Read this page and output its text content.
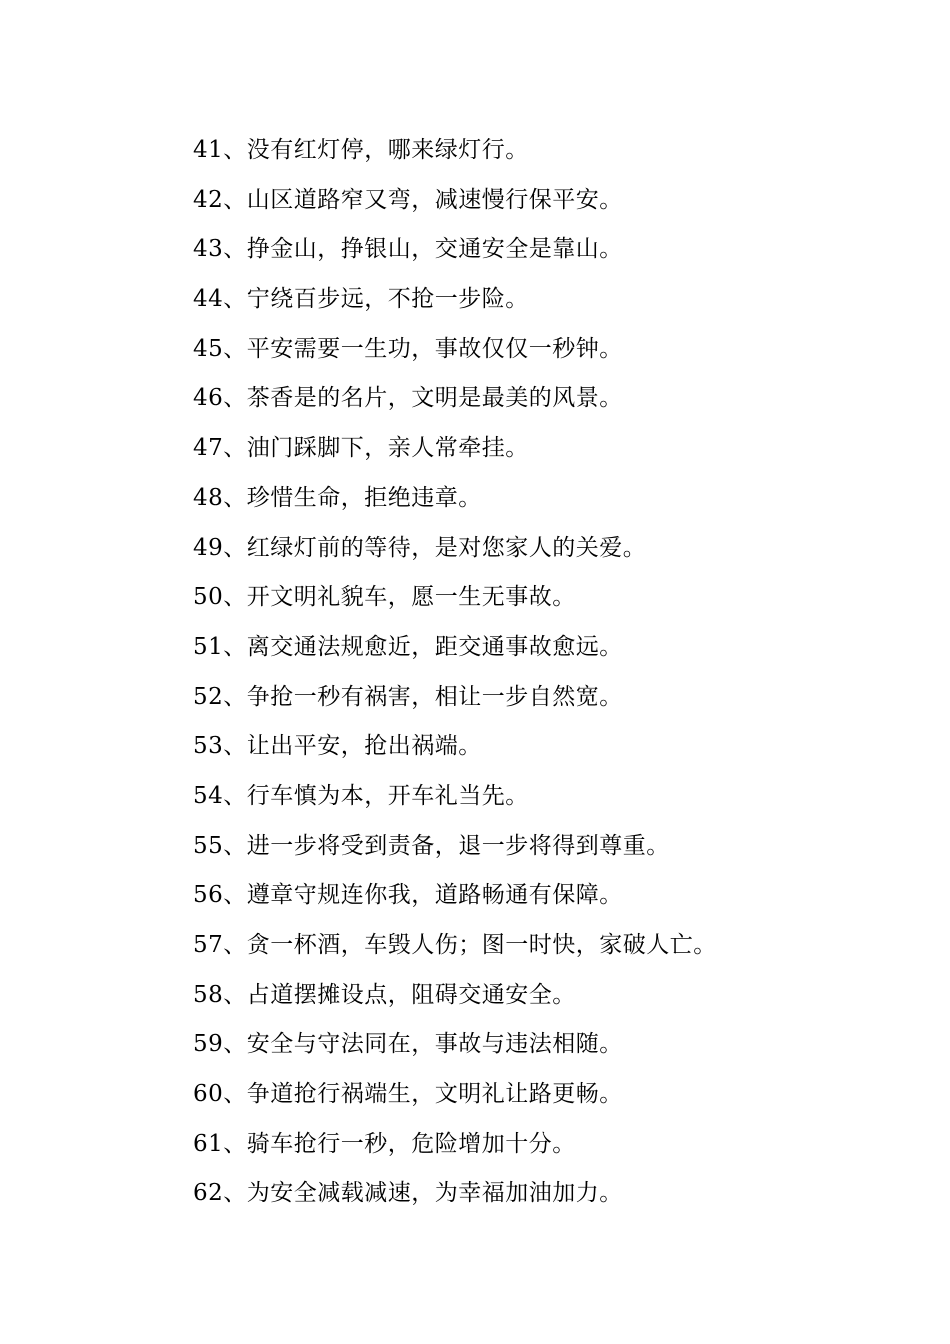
41、没有红灯停，哪来绿灯行。
42、山区道路窄又弯，减速慢行保平安。
43、挣金山，挣银山，交通安全是靠山。
44、宁绕百步远，不抢一步险。
45、平安需要一生功，事故仅仅一秒钟。
46、茶香是的名片，文明是最美的风景。
47、油门踩脚下，亲人常牵挂。
48、珍惜生命，拒绝违章。
49、红绿灯前的等待，是对您家人的关爱。
50、开文明礼貌车，愿一生无事故。
51、离交通法规愈近，距交通事故愈远。
52、争抢一秒有祸害，相让一步自然宽。
53、让出平安，抢出祸端。
54、行车慎为本，开车礼当先。
55、进一步将受到责备，退一步将得到尊重。
56、遵章守规连你我，道路畅通有保障。
57、贪一杯酒，车毁人伤；图一时快，家破人亡。
58、占道摆摊设点，阻碍交通安全。
59、安全与守法同在，事故与违法相随。
60、争道抢行祸端生，文明礼让路更畅。
61、骑车抢行一秒，危险增加十分。
62、为安全减载减速，为幸福加油加力。
